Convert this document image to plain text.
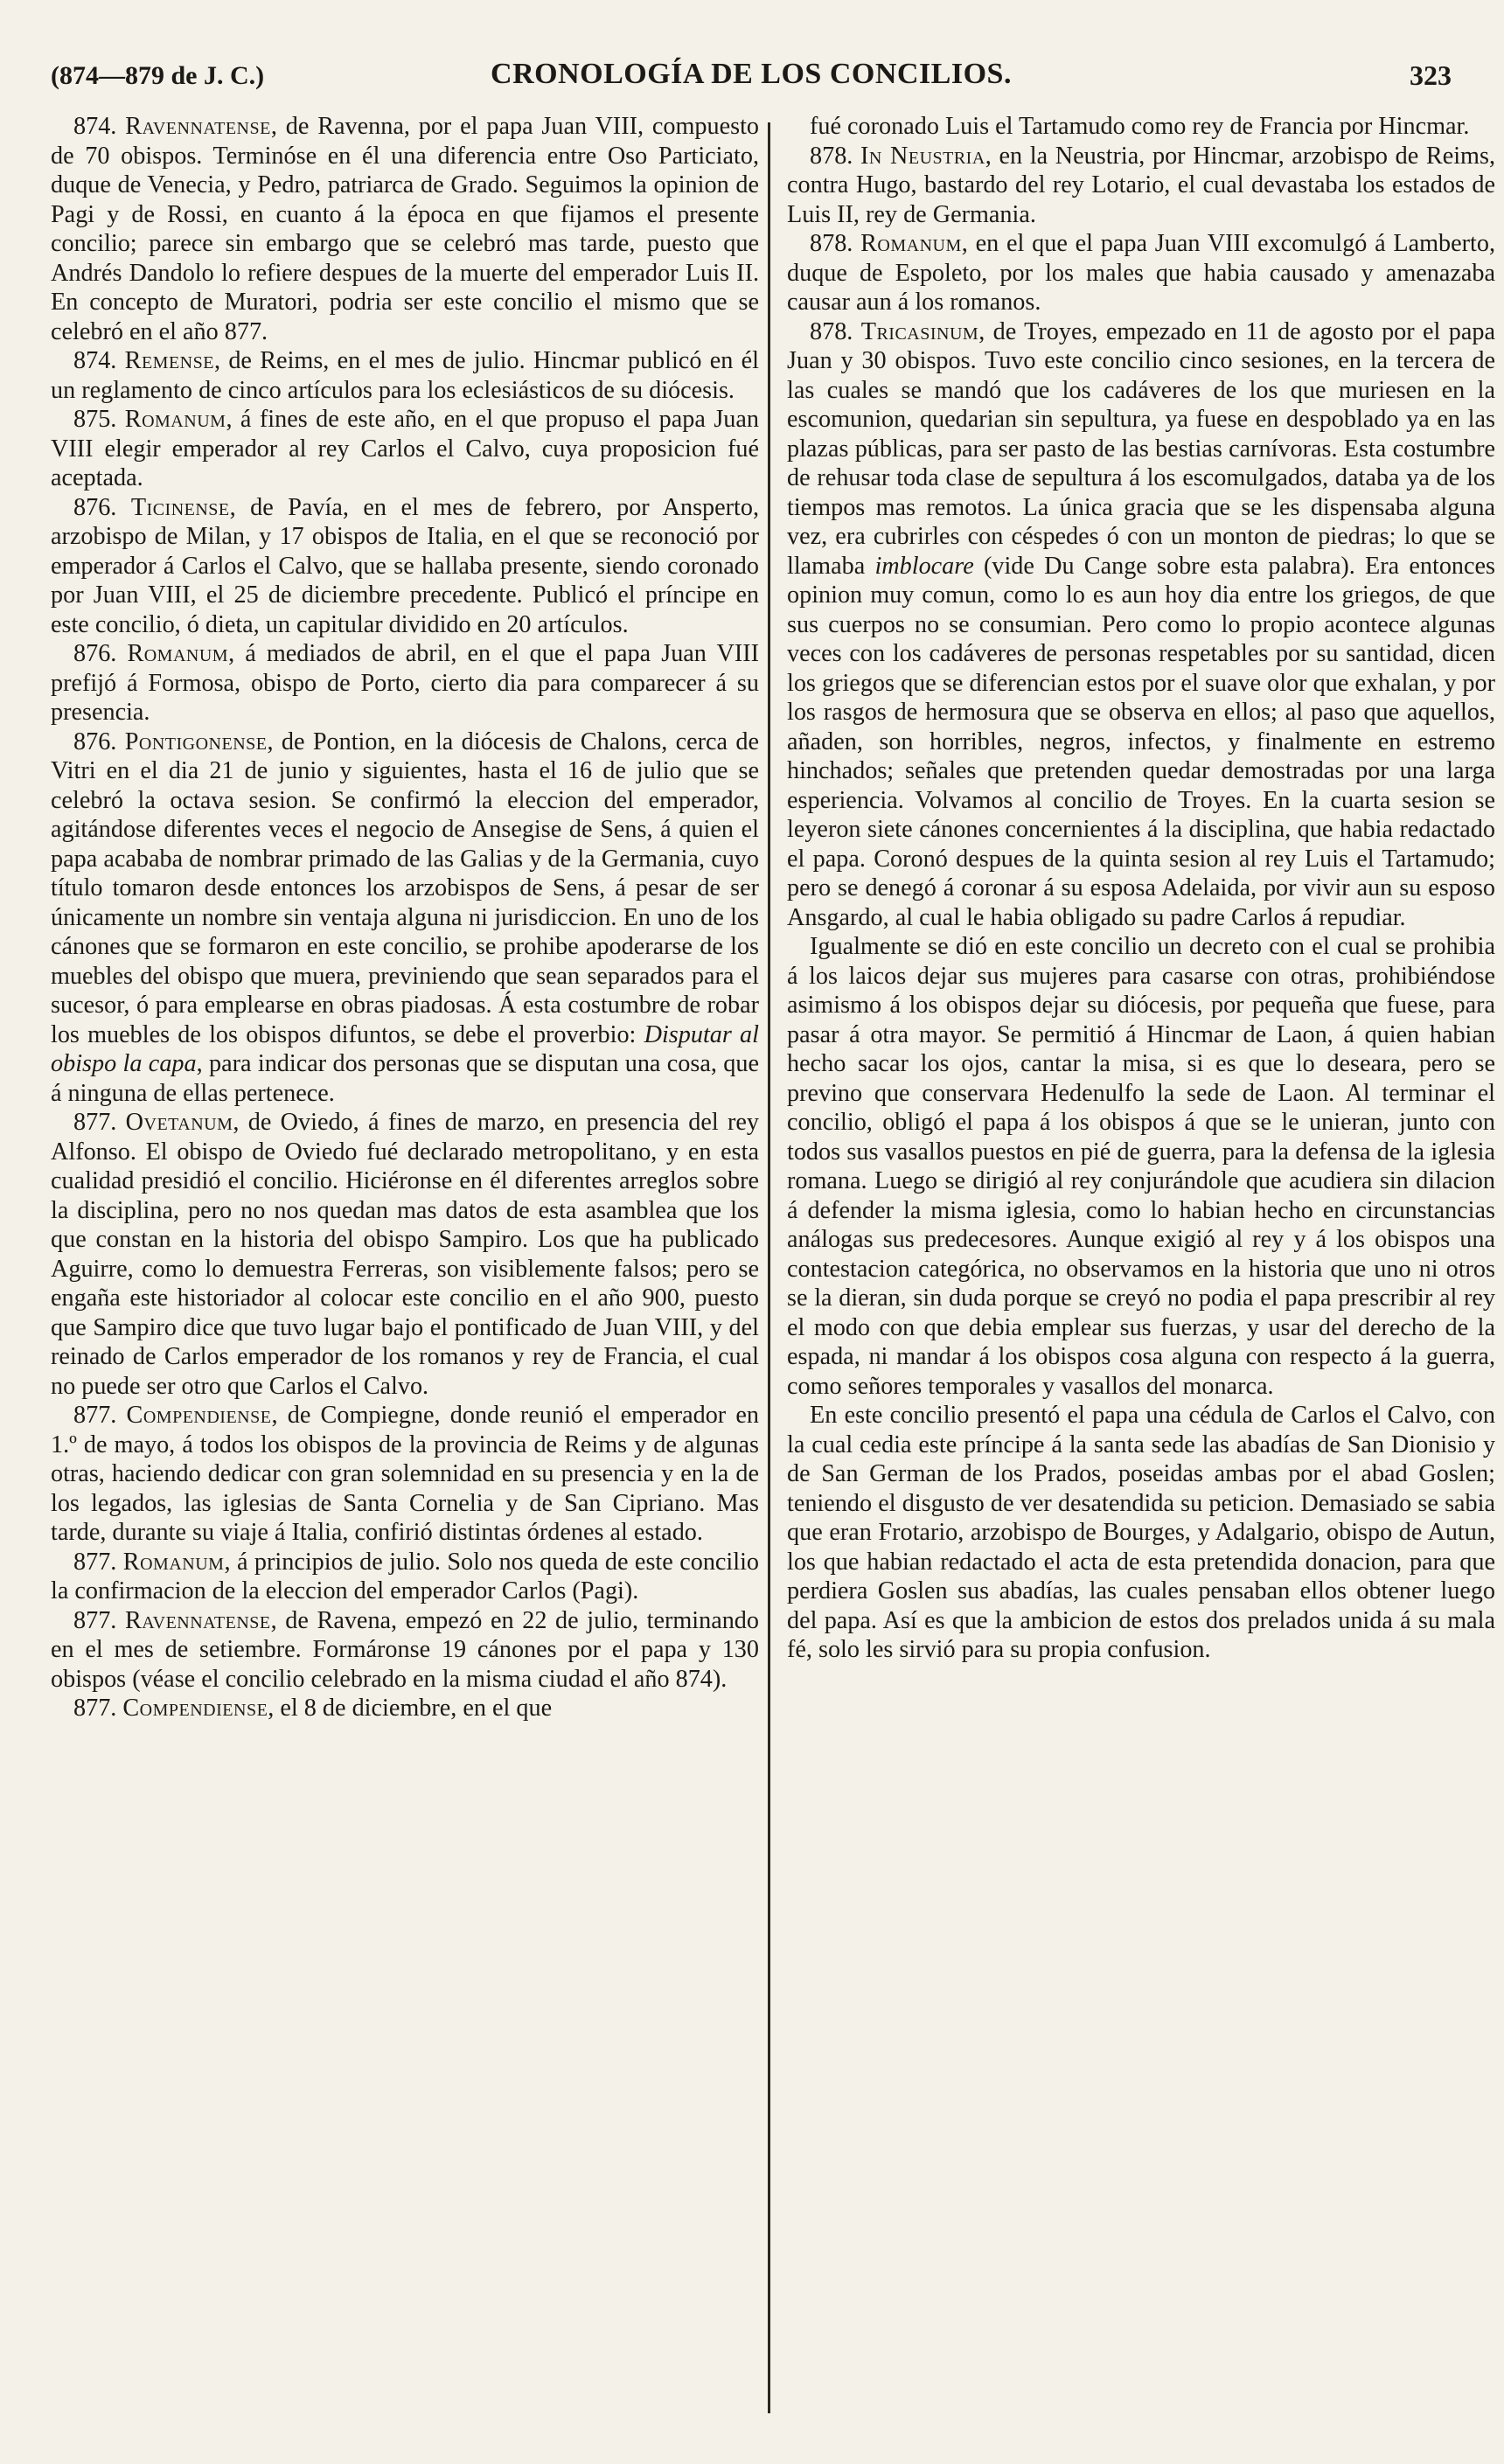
(874—879 de J. C.)	CRONOLOGÍA DE LOS CONCILIOS.	323

874. Ravennatense, de Ravenna, por el papa Juan VIII, compuesto de 70 obispos. Terminóse en él una diferencia entre Oso Particiato, duque de Venecia, y Pedro, patriarca de Grado. Seguimos la opinion de Pagi y de Rossi, en cuanto á la época en que fijamos el presente concilio; parece sin embargo que se celebró mas tarde, puesto que Andrés Dandolo lo refiere despues de la muerte del emperador Luis II. En concepto de Muratori, podria ser este concilio el mismo que se celebró en el año 877.

874. Remense, de Reims, en el mes de julio. Hincmar publicó en él un reglamento de cinco artículos para los eclesiásticos de su diócesis.

875. Romanum, á fines de este año, en el que propuso el papa Juan VIII elegir emperador al rey Carlos el Calvo, cuya proposicion fué aceptada.

876. Ticinense, de Pavía, en el mes de febrero, por Ansperto, arzobispo de Milan, y 17 obispos de Italia, en el que se reconoció por emperador á Carlos el Calvo, que se hallaba presente, siendo coronado por Juan VIII, el 25 de diciembre precedente. Publicó el príncipe en este concilio, ó dieta, un capitular dividido en 20 artículos.

876. Romanum, á mediados de abril, en el que el papa Juan VIII prefijó á Formosa, obispo de Porto, cierto dia para comparecer á su presencia.

876. Pontigonense, de Pontion, en la diócesis de Chalons, cerca de Vitri en el dia 21 de junio y siguientes, hasta el 16 de julio que se celebró la octava sesion. Se confirmó la eleccion del emperador, agitándose diferentes veces el negocio de Ansegise de Sens, á quien el papa acababa de nombrar primado de las Galias y de la Germania, cuyo título tomaron desde entonces los arzobispos de Sens, á pesar de ser únicamente un nombre sin ventaja alguna ni jurisdiccion. En uno de los cánones que se formaron en este concilio, se prohibe apoderarse de los muebles del obispo que muera, previniendo que sean separados para el sucesor, ó para emplearse en obras piadosas. Á esta costumbre de robar los muebles de los obispos difuntos, se debe el proverbio: Disputar al obispo la capa, para indicar dos personas que se disputan una cosa, que á ninguna de ellas pertenece.

877. Ovetanum, de Oviedo, á fines de marzo, en presencia del rey Alfonso. El obispo de Oviedo fué declarado metropolitano, y en esta cualidad presidió el concilio. Hiciéronse en él diferentes arreglos sobre la disciplina, pero no nos quedan mas datos de esta asamblea que los que constan en la historia del obispo Sampiro. Los que ha publicado Aguirre, como lo demuestra Ferreras, son visiblemente falsos; pero se engaña este historiador al colocar este concilio en el año 900, puesto que Sampiro dice que tuvo lugar bajo el pontificado de Juan VIII, y del reinado de Carlos emperador de los romanos y rey de Francia, el cual no puede ser otro que Carlos el Calvo.

877. Compendiense, de Compiegne, donde reunió el emperador en 1.º de mayo, á todos los obispos de la provincia de Reims y de algunas otras, haciendo dedicar con gran solemnidad en su presencia y en la de los legados, las iglesias de Santa Cornelia y de San Cipriano. Mas tarde, durante su viaje á Italia, confirió distintas órdenes al estado.

877. Romanum, á principios de julio. Solo nos queda de este concilio la confirmacion de la eleccion del emperador Carlos (Pagi).

877. Ravennatense, de Ravena, empezó en 22 de julio, terminando en el mes de setiembre. Formáronse 19 cánones por el papa y 130 obispos (véase el concilio celebrado en la misma ciudad el año 874).

877. Compendiense, el 8 de diciembre, en el que

fué coronado Luis el Tartamudo como rey de Francia por Hincmar.

878. In Neustria, en la Neustria, por Hincmar, arzobispo de Reims, contra Hugo, bastardo del rey Lotario, el cual devastaba los estados de Luis II, rey de Germania.

878. Romanum, en el que el papa Juan VIII excomulgó á Lamberto, duque de Espoleto, por los males que habia causado y amenazaba causar aun á los romanos.

878. Tricasinum, de Troyes, empezado en 11 de agosto por el papa Juan y 30 obispos. Tuvo este concilio cinco sesiones, en la tercera de las cuales se mandó que los cadáveres de los que muriesen en la escomunion, quedarian sin sepultura, ya fuese en despoblado ya en las plazas públicas, para ser pasto de las bestias carnívoras. Esta costumbre de rehusar toda clase de sepultura á los escomulgados, databa ya de los tiempos mas remotos. La única gracia que se les dispensaba alguna vez, era cubrirles con céspedes ó con un monton de piedras; lo que se llamaba imblocare (vide Du Cange sobre esta palabra). Era entonces opinion muy comun, como lo es aun hoy dia entre los griegos, de que sus cuerpos no se consumian. Pero como lo propio acontece algunas veces con los cadáveres de personas respetables por su santidad, dicen los griegos que se diferencian estos por el suave olor que exhalan, y por los rasgos de hermosura que se observa en ellos; al paso que aquellos, añaden, son horribles, negros, infectos, y finalmente en estremo hinchados; señales que pretenden quedar demostradas por una larga esperiencia. Volvamos al concilio de Troyes. En la cuarta sesion se leyeron siete cánones concernientes á la disciplina, que habia redactado el papa. Coronó despues de la quinta sesion al rey Luis el Tartamudo; pero se denegó á coronar á su esposa Adelaida, por vivir aun su esposo Ansgardo, al cual le habia obligado su padre Carlos á repudiar.

Igualmente se dió en este concilio un decreto con el cual se prohibia á los laicos dejar sus mujeres para casarse con otras, prohibiéndose asimismo á los obispos dejar su diócesis, por pequeña que fuese, para pasar á otra mayor. Se permitió á Hincmar de Laon, á quien habian hecho sacar los ojos, cantar la misa, si es que lo deseara, pero se previno que conservara Hedenulfo la sede de Laon. Al terminar el concilio, obligó el papa á los obispos á que se le unieran, junto con todos sus vasallos puestos en pié de guerra, para la defensa de la iglesia romana. Luego se dirigió al rey conjurándole que acudiera sin dilacion á defender la misma iglesia, como lo habian hecho en circunstancias análogas sus predecesores. Aunque exigió al rey y á los obispos una contestacion categórica, no observamos en la historia que uno ni otros se la dieran, sin duda porque se creyó no podia el papa prescribir al rey el modo con que debia emplear sus fuerzas, y usar del derecho de la espada, ni mandar á los obispos cosa alguna con respecto á la guerra, como señores temporales y vasallos del monarca.

En este concilio presentó el papa una cédula de Carlos el Calvo, con la cual cedia este príncipe á la santa sede las abadías de San Dionisio y de San German de los Prados, poseidas ambas por el abad Goslen; teniendo el disgusto de ver desatendida su peticion. Demasiado se sabia que eran Frotario, arzobispo de Bourges, y Adalgario, obispo de Autun, los que habian redactado el acta de esta pretendida donacion, para que perdiera Goslen sus abadías, las cuales pensaban ellos obtener luego del papa. Así es que la ambicion de estos dos prelados unida á su mala fé, solo les sirvió para su propia confusion.
